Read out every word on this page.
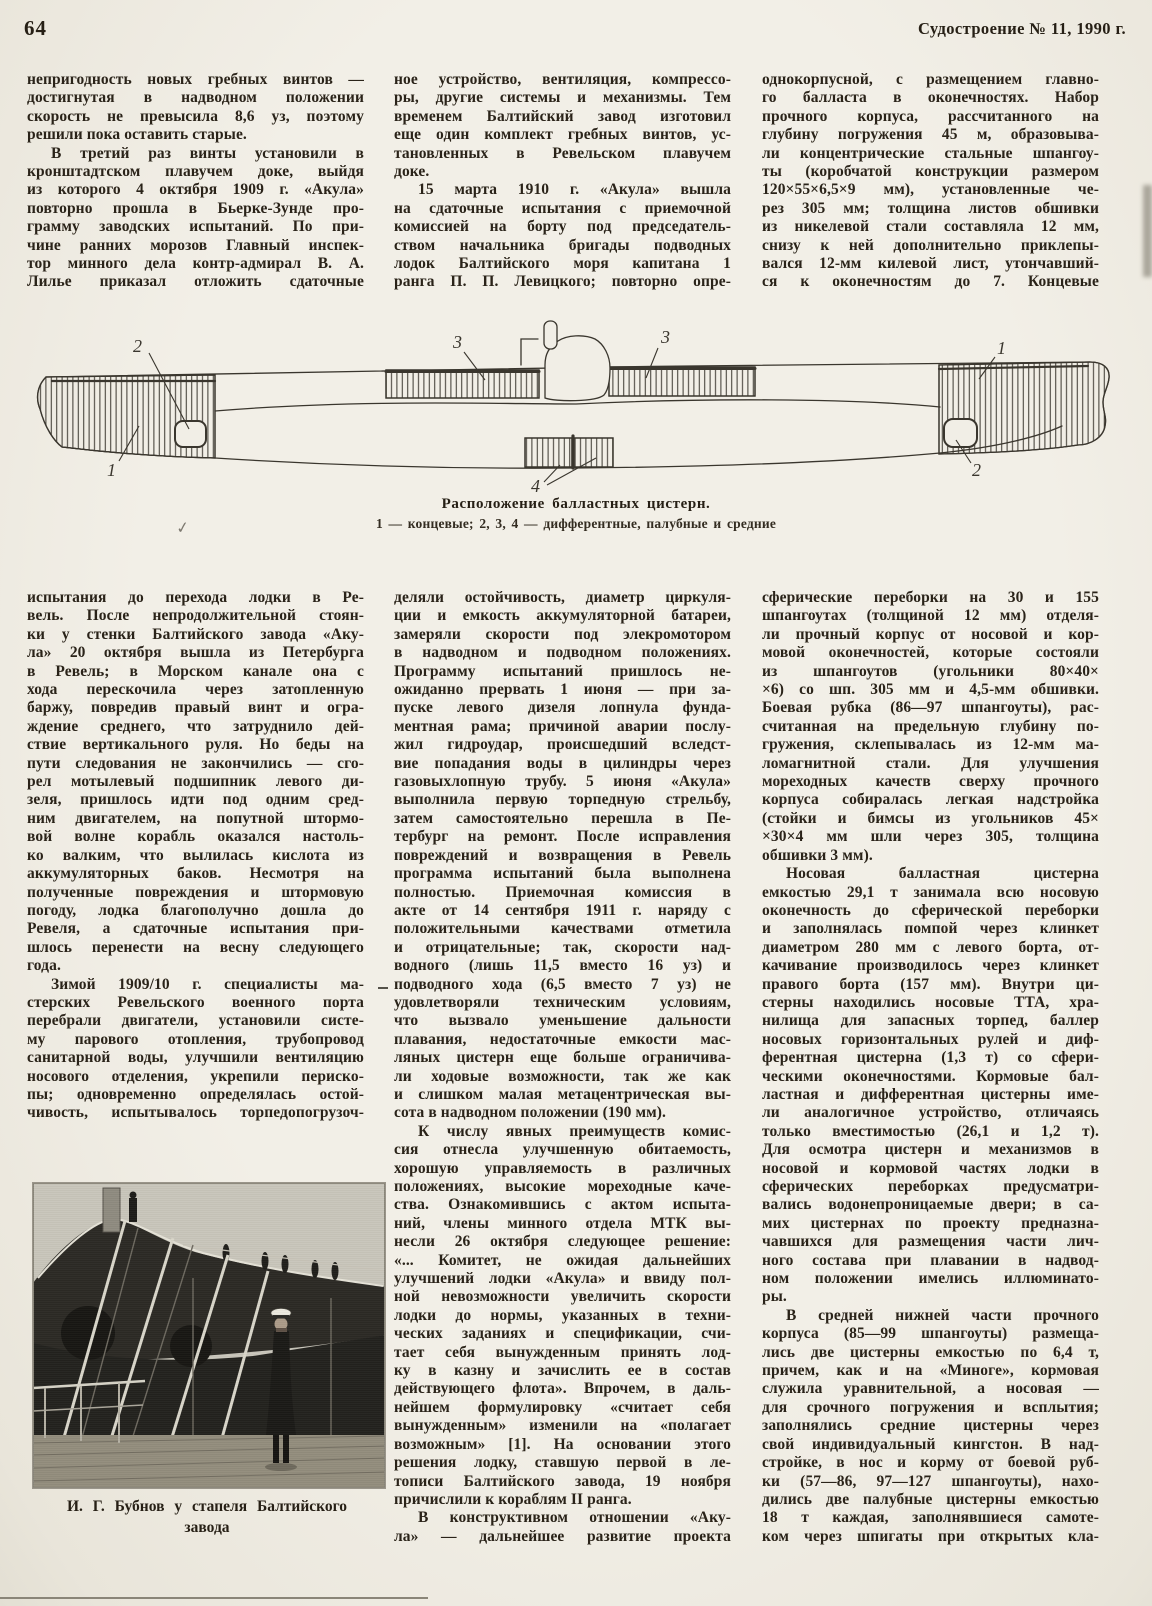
64	Судостроение № 11, 1990 г.
непригодность новых гребных винтов —
достигнутая в надводном положении
скорость не превысила 8,6 уз, поэтому
решили пока оставить старые.
В третий раз винты установили в
кронштадтском плавучем доке, выйдя
из которого 4 октября 1909 г. «Акула»
повторно прошла в Бьерке-Зунде про-
грамму заводских испытаний. По при-
чине ранних морозов Главный инспек-
тор минного дела контр-адмирал В. А.
Лилье приказал отложить сдаточные
ное устройство, вентиляция, компрессо-
ры, другие системы и механизмы. Тем
временем Балтийский завод изготовил
еще один комплект гребных винтов, ус-
тановленных в Ревельском плавучем
доке.
15 марта 1910 г. «Акула» вышла
на сдаточные испытания с приемочной
комиссией на борту под председатель-
ством начальника бригады подводных
лодок Балтийского моря капитана 1
ранга П. П. Левицкого; повторно опре-
однокорпусной, с размещением главно-
го балласта в оконечностях. Набор
прочного корпуса, рассчитанного на
глубину погружения 45 м, образовыва-
ли концентрические стальные шпангоу-
ты (коробчатой конструкции размером
120×55×6,5×9 мм), установленные че-
рез 305 мм; толщина листов обшивки
из никелевой стали составляла 12 мм,
снизу к ней дополнительно приклепы-
вался 12-мм килевой лист, утончавший-
ся к оконечностям до 7. Концевые
2
1
3	3
1
2
4
Расположение балластных цистерн.
1 — концевые; 2, 3, 4 — дифферентные, палубные и средние
испытания до перехода лодки в Ре-
вель. После непродолжительной стоян-
ки у стенки Балтийского завода «Аку-
ла» 20 октября вышла из Петербурга
в Ревель; в Морском канале она с
хода перескочила через затопленную
баржу, повредив правый винт и огра-
ждение среднего, что затруднило дей-
ствие вертикального руля. Но беды на
пути следования не закончились — сго-
рел мотылевый подшипник левого ди-
зеля, пришлось идти под одним сред-
ним двигателем, на попутной штормо-
вой волне корабль оказался настоль-
ко валким, что вылилась кислота из
аккумуляторных баков. Несмотря на
полученные повреждения и штормовую
погоду, лодка благополучно дошла до
Ревеля, а сдаточные испытания при-
шлось перенести на весну следующего
года.
Зимой 1909/10 г. специалисты ма-
стерских Ревельского военного порта
перебрали двигатели, установили систе-
му парового отопления, трубопровод
санитарной воды, улучшили вентиляцию
носового отделения, укрепили периско-
пы; одновременно определялась остой-
чивость, испытывалось торпедопогрузоч-
деляли остойчивость, диаметр циркуля-
ции и емкость аккумуляторной батареи,
замеряли скорости под элекромотором
в надводном и подводном положениях.
Программу испытаний пришлось не-
ожиданно прервать 1 июня — при за-
пуске левого дизеля лопнула фунда-
ментная рама; причиной аварии послу-
жил гидроудар, происшедший вследст-
вие попадания воды в цилиндры через
газовыхлопную трубу. 5 июня «Акула»
выполнила первую торпедную стрельбу,
затем самостоятельно перешла в Пе-
тербург на ремонт. После исправления
повреждений и возвращения в Ревель
программа испытаний была выполнена
полностью. Приемочная комиссия в
акте от 14 сентября 1911 г. наряду с
положительными качествами отметила
и отрицательные; так, скорости над-
водного (лишь 11,5 вместо 16 уз) и
подводного хода (6,5 вместо 7 уз) не
удовлетворяли техническим условиям,
что вызвало уменьшение дальности
плавания, недостаточные емкости мас-
ляных цистерн еще больше ограничива-
ли ходовые возможности, так же как
и слишком малая метацентрическая вы-
сота в надводном положении (190 мм).
К числу явных преимуществ комис-
сия отнесла улучшенную обитаемость,
хорошую управляемость в различных
положениях, высокие мореходные каче-
ства. Ознакомившись с актом испыта-
ний, члены минного отдела МТК вы-
несли 26 октября следующее решение:
«... Комитет, не ожидая дальнейших
улучшений лодки «Акула» и ввиду пол-
ной невозможности увеличить скорости
лодки до нормы, указанных в техни-
ческих заданиях и спецификации, счи-
тает себя вынужденным принять лод-
ку в казну и зачислить ее в состав
действующего флота». Впрочем, в даль-
нейшем формулировку «считает себя
вынужденным» изменили на «полагает
возможным» [1]. На основании этого
решения лодку, ставшую первой в ле-
тописи Балтийского завода, 19 ноября
причислили к кораблям II ранга.
В конструктивном отношении «Аку-
ла» — дальнейшее развитие проекта
сферические переборки на 30 и 155
шпангоутах (толщиной 12 мм) отделя-
ли прочный корпус от носовой и кор-
мовой оконечностей, которые состояли
из шпангоутов (угольники 80×40×
×6) со шп. 305 мм и 4,5-мм обшивки.
Боевая рубка (86—97 шпангоуты), рас-
считанная на предельную глубину по-
гружения, склепывалась из 12-мм ма-
ломагнитной стали. Для улучшения
мореходных качеств сверху прочного
корпуса собиралась легкая надстройка
(стойки и бимсы из угольников 45×
×30×4 мм шли через 305, толщина
обшивки 3 мм).
Носовая балластная цистерна
емкостью 29,1 т занимала всю носовую
оконечность до сферической переборки
и заполнялась помпой через клинкет
диаметром 280 мм с левого борта, от-
качивание производилось через клинкет
правого борта (157 мм). Внутри ци-
стерны находились носовые ТТА, хра-
нилища для запасных торпед, баллер
носовых горизонтальных рулей и диф-
ферентная цистерна (1,3 т) со сфери-
ческими оконечностями. Кормовые бал-
ластная и дифферентная цистерны име-
ли аналогичное устройство, отличаясь
только вместимостью (26,1 и 1,2 т).
Для осмотра цистерн и механизмов в
носовой и кормовой частях лодки в
сферических переборках предусматри-
вались водонепроницаемые двери; в са-
мих цистернах по проекту предназна-
чавшихся для размещения части лич-
ного состава при плавании в надвод-
ном положении имелись иллюминато-
ры.
В средней нижней части прочного
корпуса (85—99 шпангоуты) размеща-
лись две цистерны емкостью по 6,4 т,
причем, как и на «Миноге», кормовая
служила уравнительной, а носовая —
для срочного погружения и всплытия;
заполнялись средние цистерны через
свой индивидуальный кингстон. В над-
стройке, в нос и корму от боевой руб-
ки (57—86, 97—127 шпангоуты), нахо-
дились две палубные цистерны емкостью
18 т каждая, заполнявшиеся самоте-
ком через шпигаты при открытых кла-
И. Г. Бубнов у стапеля Балтийского
завода
✓
